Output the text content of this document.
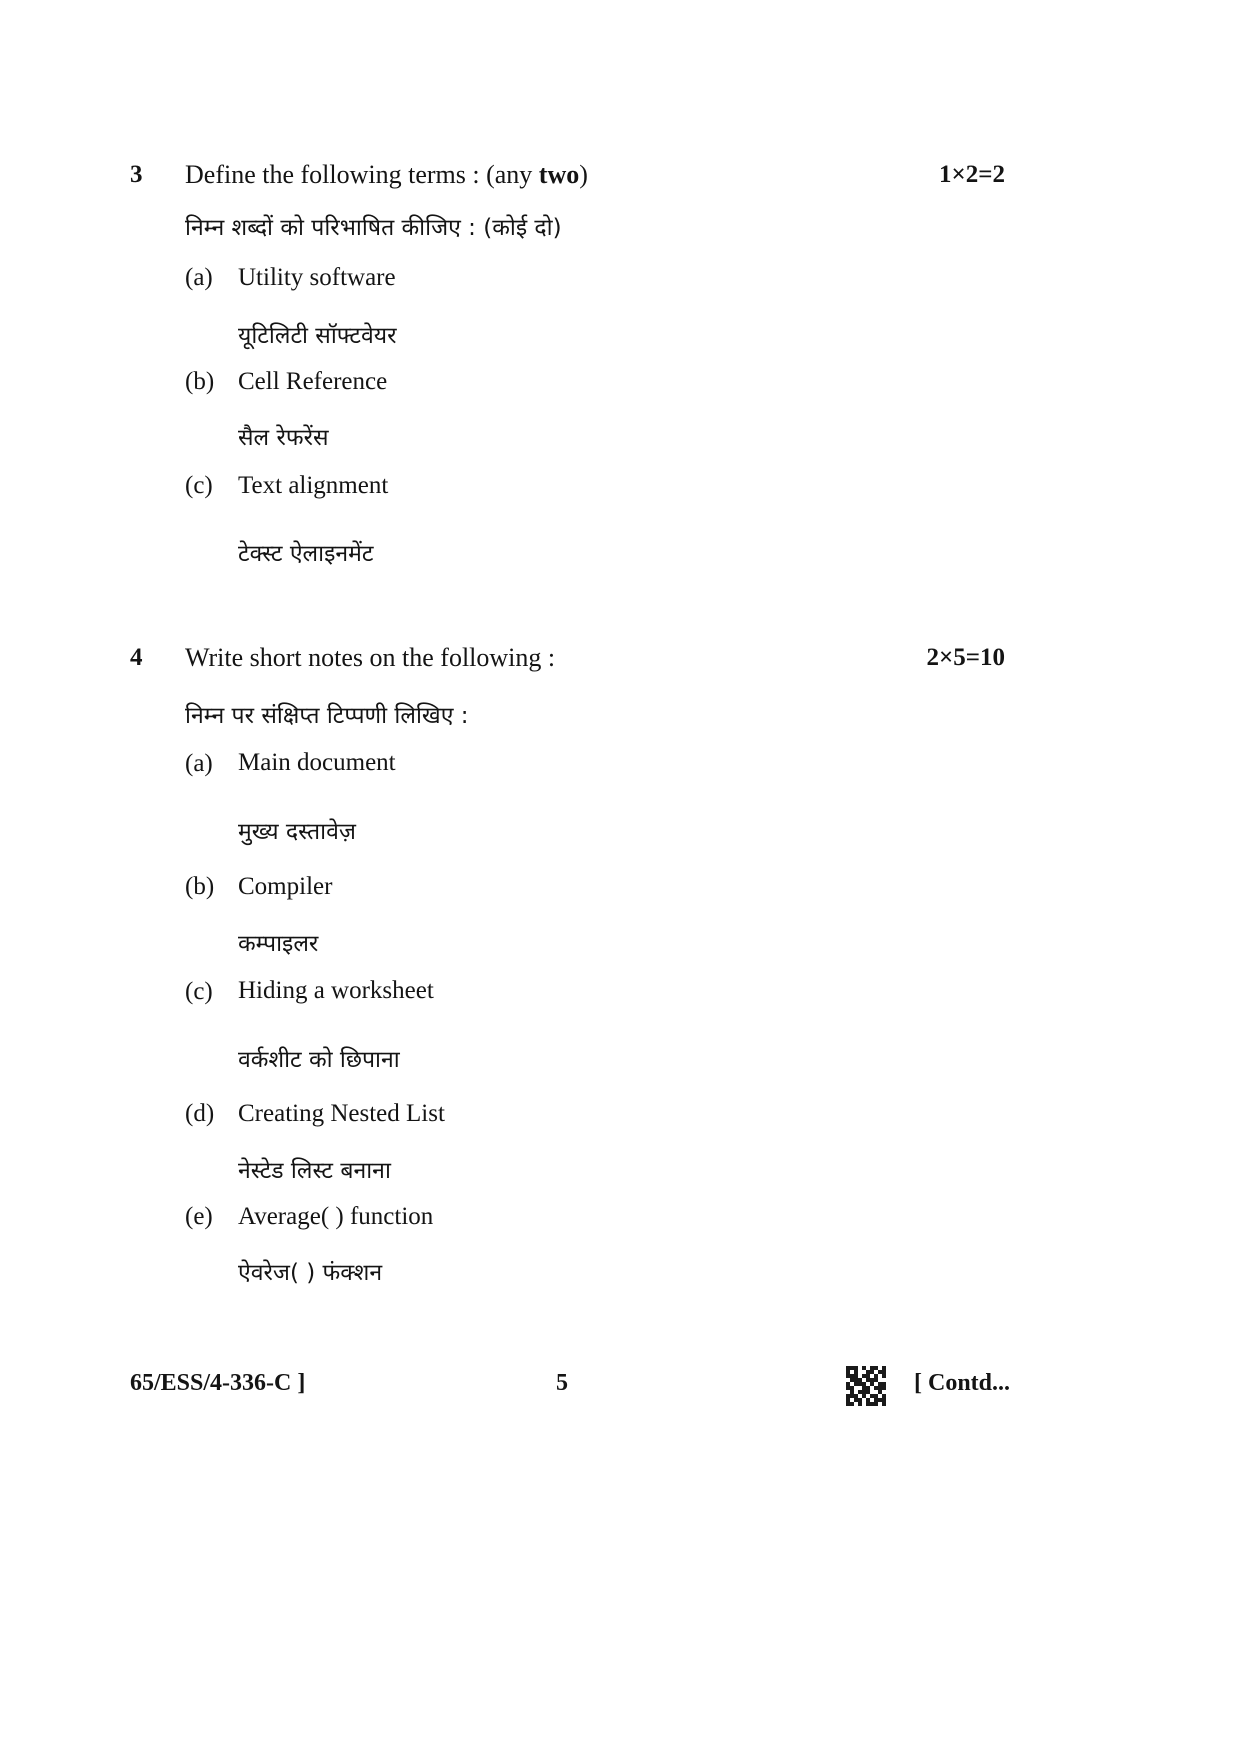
3 Define the following terms : (any two)	1×2=2
निम्न शब्दों को परिभाषित कीजिए : (कोई दो)
(a) Utility software
यूटिलिटी सॉफ्टवेयर
(b) Cell Reference
सैल रेफरेंस
(c) Text alignment
टेक्स्ट ऐलाइनमेंट
4 Write short notes on the following :	2×5=10
निम्न पर संक्षिप्त टिप्पणी लिखिए :
(a) Main document
मुख्य दस्तावेज़
(b) Compiler
कम्पाइलर
(c) Hiding a worksheet
वर्कशीट को छिपाना
(d) Creating Nested List
नेस्टेड लिस्ट बनाना
(e) Average( ) function
ऐवरेज( ) फंक्शन
65/ESS/4-336-C ]	5	[ Contd...
